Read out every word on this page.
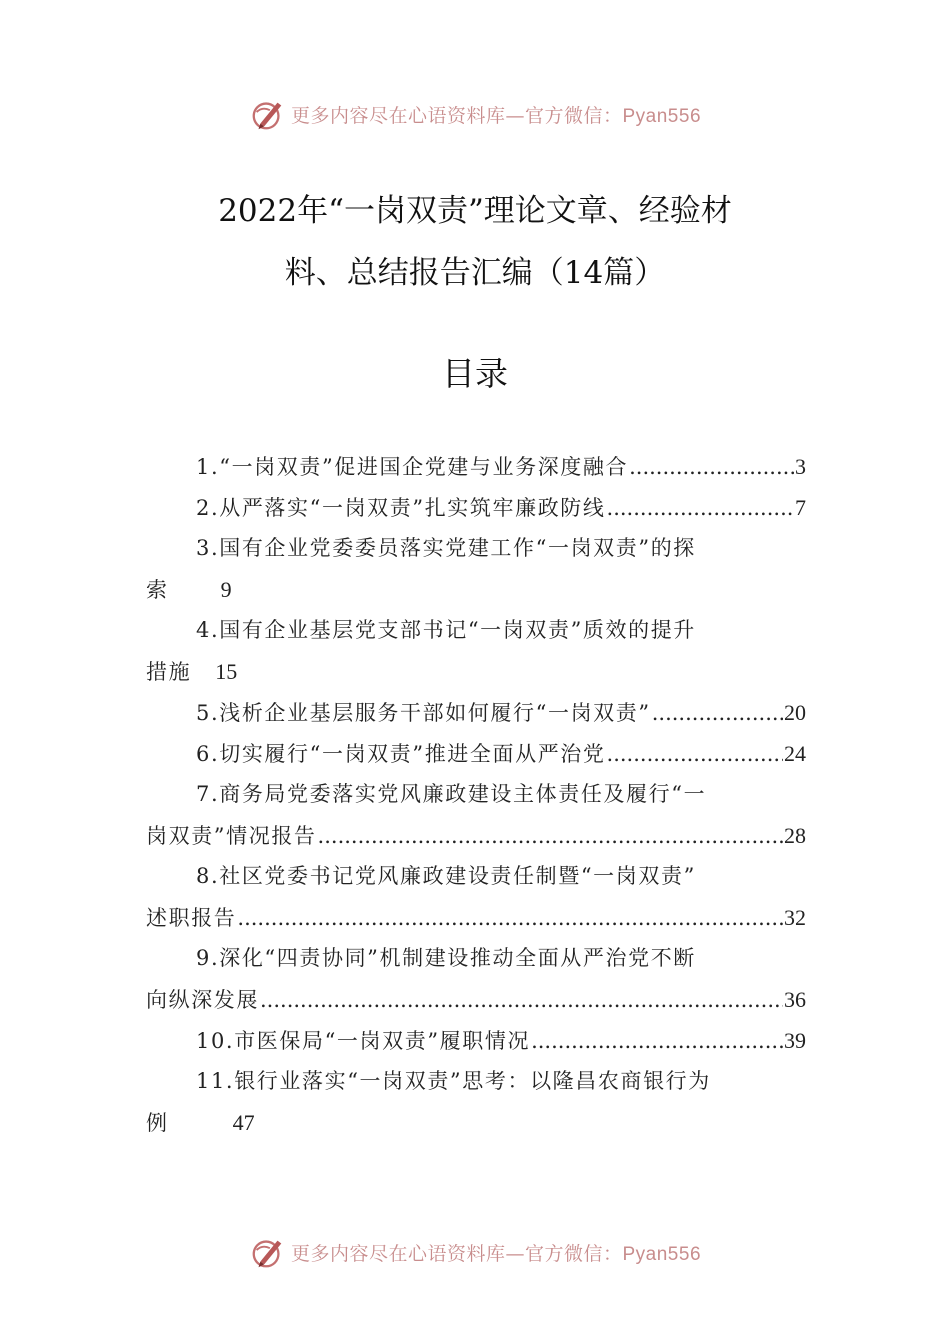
更多内容尽在心语资料库—官方微信：Pyan556
2022年“一岗双责”理论文章、经验材
料、总结报告汇编（14篇）
目录
1.“一岗双责”促进国企党建与业务深度融合 .....	3
2.从严落实“一岗双责”扎实筑牢廉政防线 .....	7
3.国有企业党委委员落实党建工作“一岗双责”的探
索 9
4.国有企业基层党支部书记“一岗双责”质效的提升
措施 15
5.浅析企业基层服务干部如何履行“一岗双责” .....	20
6.切实履行“一岗双责”推进全面从严治党 .....	24
7.商务局党委落实党风廉政建设主体责任及履行“一
岗双责”情况报告 .....	28
8.社区党委书记党风廉政建设责任制暨“一岗双责”
述职报告 .....	32
9.深化“四责协同”机制建设推动全面从严治党不断
向纵深发展 .....	36
10.市医保局“一岗双责”履职情况 .....	39
11.银行业落实“一岗双责”思考：以隆昌农商银行为
例	47
更多内容尽在心语资料库—官方微信：Pyan556
